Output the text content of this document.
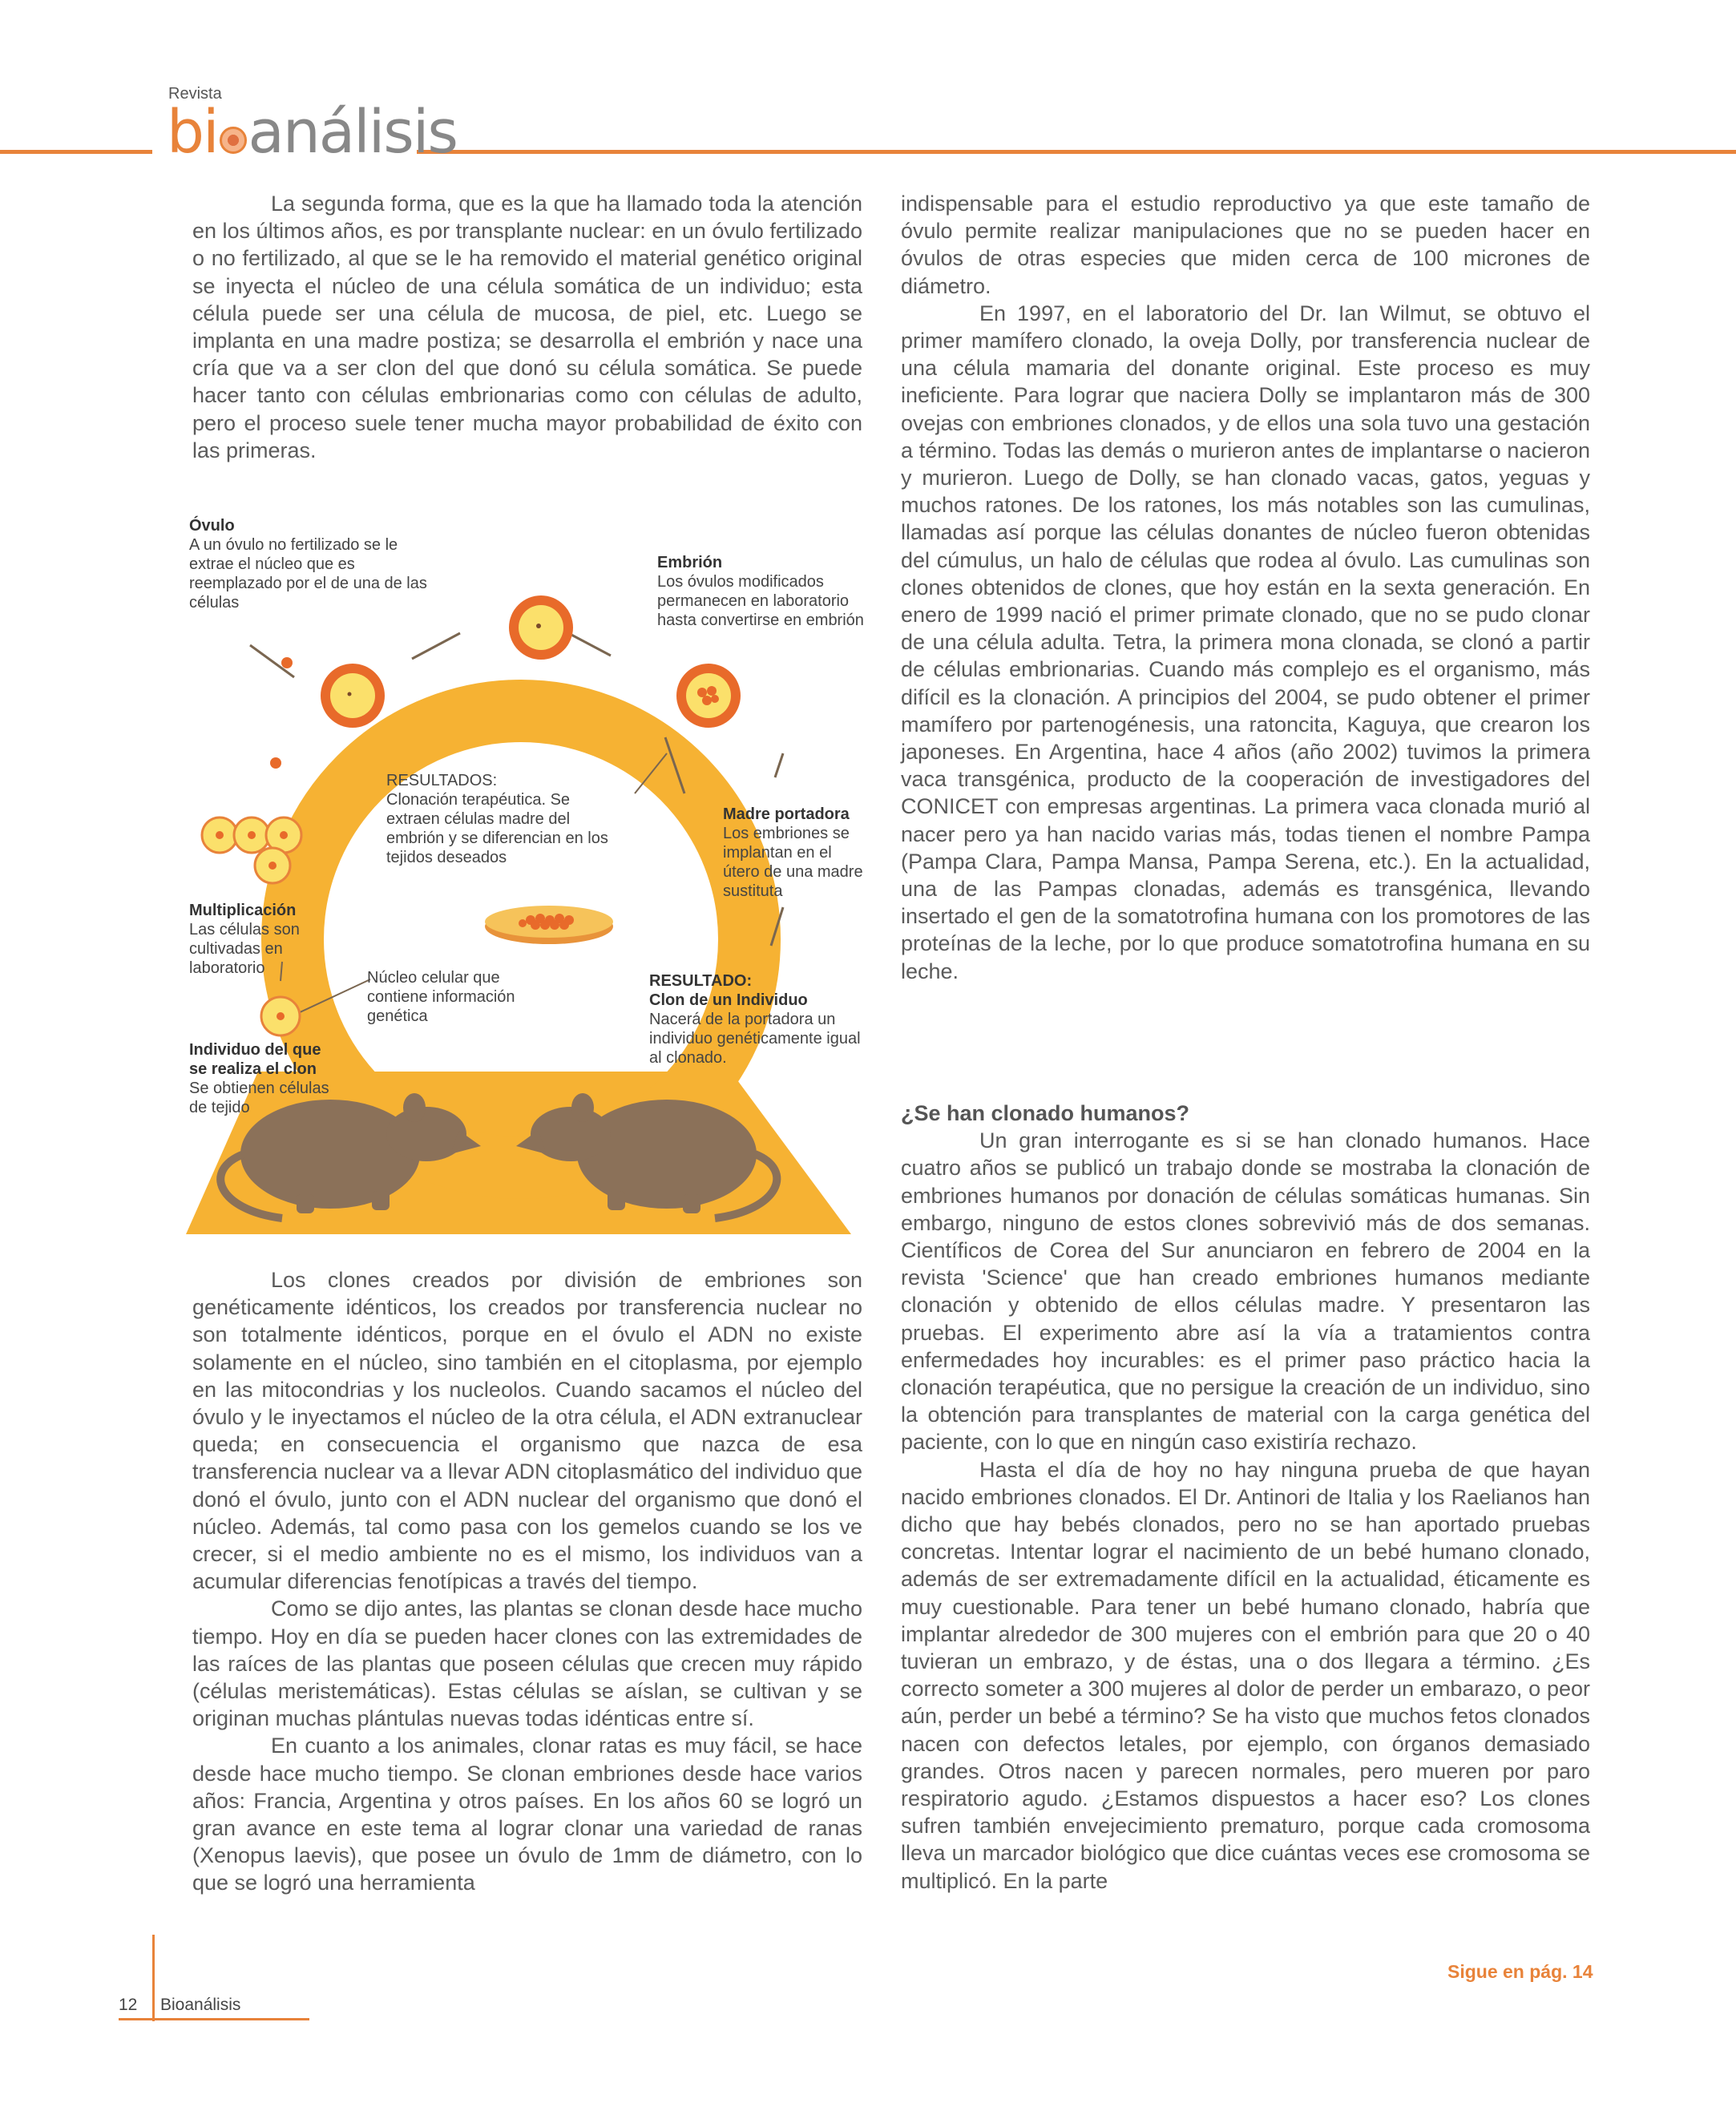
Revista
bi análisis

La segunda forma, que es la que ha llamado toda la atención en los últimos años, es por transplante nuclear: en un óvulo fertilizado o no fertilizado, al que se le ha removido el material genético original se inyecta el núcleo de una célula somática de un individuo; esta célula puede ser una célula de mucosa, de piel, etc. Luego se implanta en una madre postiza; se desarrolla el embrión y nace una cría que va a ser clon del que donó su célula somática. Se puede hacer tanto con células embrionarias como con células de adulto, pero el proceso suele tener mucha mayor probabilidad de éxito con las primeras.

Óvulo
A un óvulo no fertilizado se le extrae el núcleo que es reemplazado por el de una de las células
Embrión
Los óvulos modificados permanecen en laboratorio hasta convertirse en embrión
RESULTADOS:
Clonación terapéutica. Se extraen células madre del embrión y se diferencian en los tejidos deseados
Madre portadora
Los embriones se implantan en el útero de una madre sustituta
Multiplicación
Las células son cultivadas en laboratorio
Núcleo celular que contiene información genética
RESULTADO:
Clon de un Individuo
Nacerá de la portadora un individuo genéticamente igual al clonado.
Individuo del que se realiza el clon
Se obtienen células de tejido

Los clones creados por división de embriones son genéticamente idénticos, los creados por transferencia nuclear no son totalmente idénticos, porque en el óvulo el ADN no existe solamente en el núcleo, sino también en el citoplasma, por ejemplo en las mitocondrias y los nucleolos. Cuando sacamos el núcleo del óvulo y le inyectamos el núcleo de la otra célula, el ADN extranuclear queda; en consecuencia el organismo que nazca de esa transferencia nuclear va a llevar ADN citoplasmático del individuo que donó el óvulo, junto con el ADN nuclear del organismo que donó el núcleo. Además, tal como pasa con los gemelos cuando se los ve crecer, si el medio ambiente no es el mismo, los individuos van a acumular diferencias fenotípicas a través del tiempo.

Como se dijo antes, las plantas se clonan desde hace mucho tiempo. Hoy en día se pueden hacer clones con las extremidades de las raíces de las plantas que poseen células que crecen muy rápido (células meristemáticas). Estas células se aíslan, se cultivan y se originan muchas plántulas nuevas todas idénticas entre sí.

En cuanto a los animales, clonar ratas es muy fácil, se hace desde hace mucho tiempo. Se clonan embriones desde hace varios años: Francia, Argentina y otros países. En los años 60 se logró un gran avance en este tema al lograr clonar una variedad de ranas (Xenopus laevis), que posee un óvulo de 1mm de diámetro, con lo que se logró una herramienta

indispensable para el estudio reproductivo ya que este tamaño de óvulo permite realizar manipulaciones que no se pueden hacer en óvulos de otras especies que miden cerca de 100 micrones de diámetro.

En 1997, en el laboratorio del Dr. Ian Wilmut, se obtuvo el primer mamífero clonado, la oveja Dolly, por transferencia nuclear de una célula mamaria del donante original. Este proceso es muy ineficiente. Para lograr que naciera Dolly se implantaron más de 300 ovejas con embriones clonados, y de ellos una sola tuvo una gestación a término. Todas las demás o murieron antes de implantarse o nacieron y murieron. Luego de Dolly, se han clonado vacas, gatos, yeguas y muchos ratones. De los ratones, los más notables son las cumulinas, llamadas así porque las células donantes de núcleo fueron obtenidas del cúmulus, un halo de células que rodea al óvulo. Las cumulinas son clones obtenidos de clones, que hoy están en la sexta generación. En enero de 1999 nació el primer primate clonado, que no se pudo clonar de una célula adulta. Tetra, la primera mona clonada, se clonó a partir de células embrionarias. Cuando más complejo es el organismo, más difícil es la clonación. A principios del 2004, se pudo obtener el primer mamífero por partenogénesis, una ratoncita, Kaguya, que crearon los japoneses. En Argentina, hace 4 años (año 2002) tuvimos la primera vaca transgénica, producto de la cooperación de investigadores del CONICET con empresas argentinas. La primera vaca clonada murió al nacer pero ya han nacido varias más, todas tienen el nombre Pampa (Pampa Clara, Pampa Mansa, Pampa Serena, etc.). En la actualidad, una de las Pampas clonadas, además es transgénica, llevando insertado el gen de la somatotrofina humana con los promotores de las proteínas de la leche, por lo que produce somatotrofina humana en su leche.

¿Se han clonado humanos?

Un gran interrogante es si se han clonado humanos. Hace cuatro años se publicó un trabajo donde se mostraba la clonación de embriones humanos por donación de células somáticas humanas. Sin embargo, ninguno de estos clones sobrevivió más de dos semanas. Científicos de Corea del Sur anunciaron en febrero de 2004 en la revista 'Science' que han creado embriones humanos mediante clonación y obtenido de ellos células madre. Y presentaron las pruebas. El experimento abre así la vía a tratamientos contra enfermedades hoy incurables: es el primer paso práctico hacia la clonación terapéutica, que no persigue la creación de un individuo, sino la obtención para transplantes de material con la carga genética del paciente, con lo que en ningún caso existiría rechazo.

Hasta el día de hoy no hay ninguna prueba de que hayan nacido embriones clonados. El Dr. Antinori de Italia y los Raelianos han dicho que hay bebés clonados, pero no se han aportado pruebas concretas. Intentar lograr el nacimiento de un bebé humano clonado, además de ser extremadamente difícil en la actualidad, éticamente es muy cuestionable. Para tener un bebé humano clonado, habría que implantar alrededor de 300 mujeres con el embrión para que 20 o 40 tuvieran un embrazo, y de éstas, una o dos llegara a término. ¿Es correcto someter a 300 mujeres al dolor de perder un embarazo, o peor aún, perder un bebé a término? Se ha visto que muchos fetos clonados nacen con defectos letales, por ejemplo, con órganos demasiado grandes. Otros nacen y parecen normales, pero mueren por paro respiratorio agudo. ¿Estamos dispuestos a hacer eso? Los clones sufren también envejecimiento prematuro, porque cada cromosoma lleva un marcador biológico que dice cuántas veces ese cromosoma se multiplicó. En la parte

Sigue en pág. 14
12 Bioanálisis
